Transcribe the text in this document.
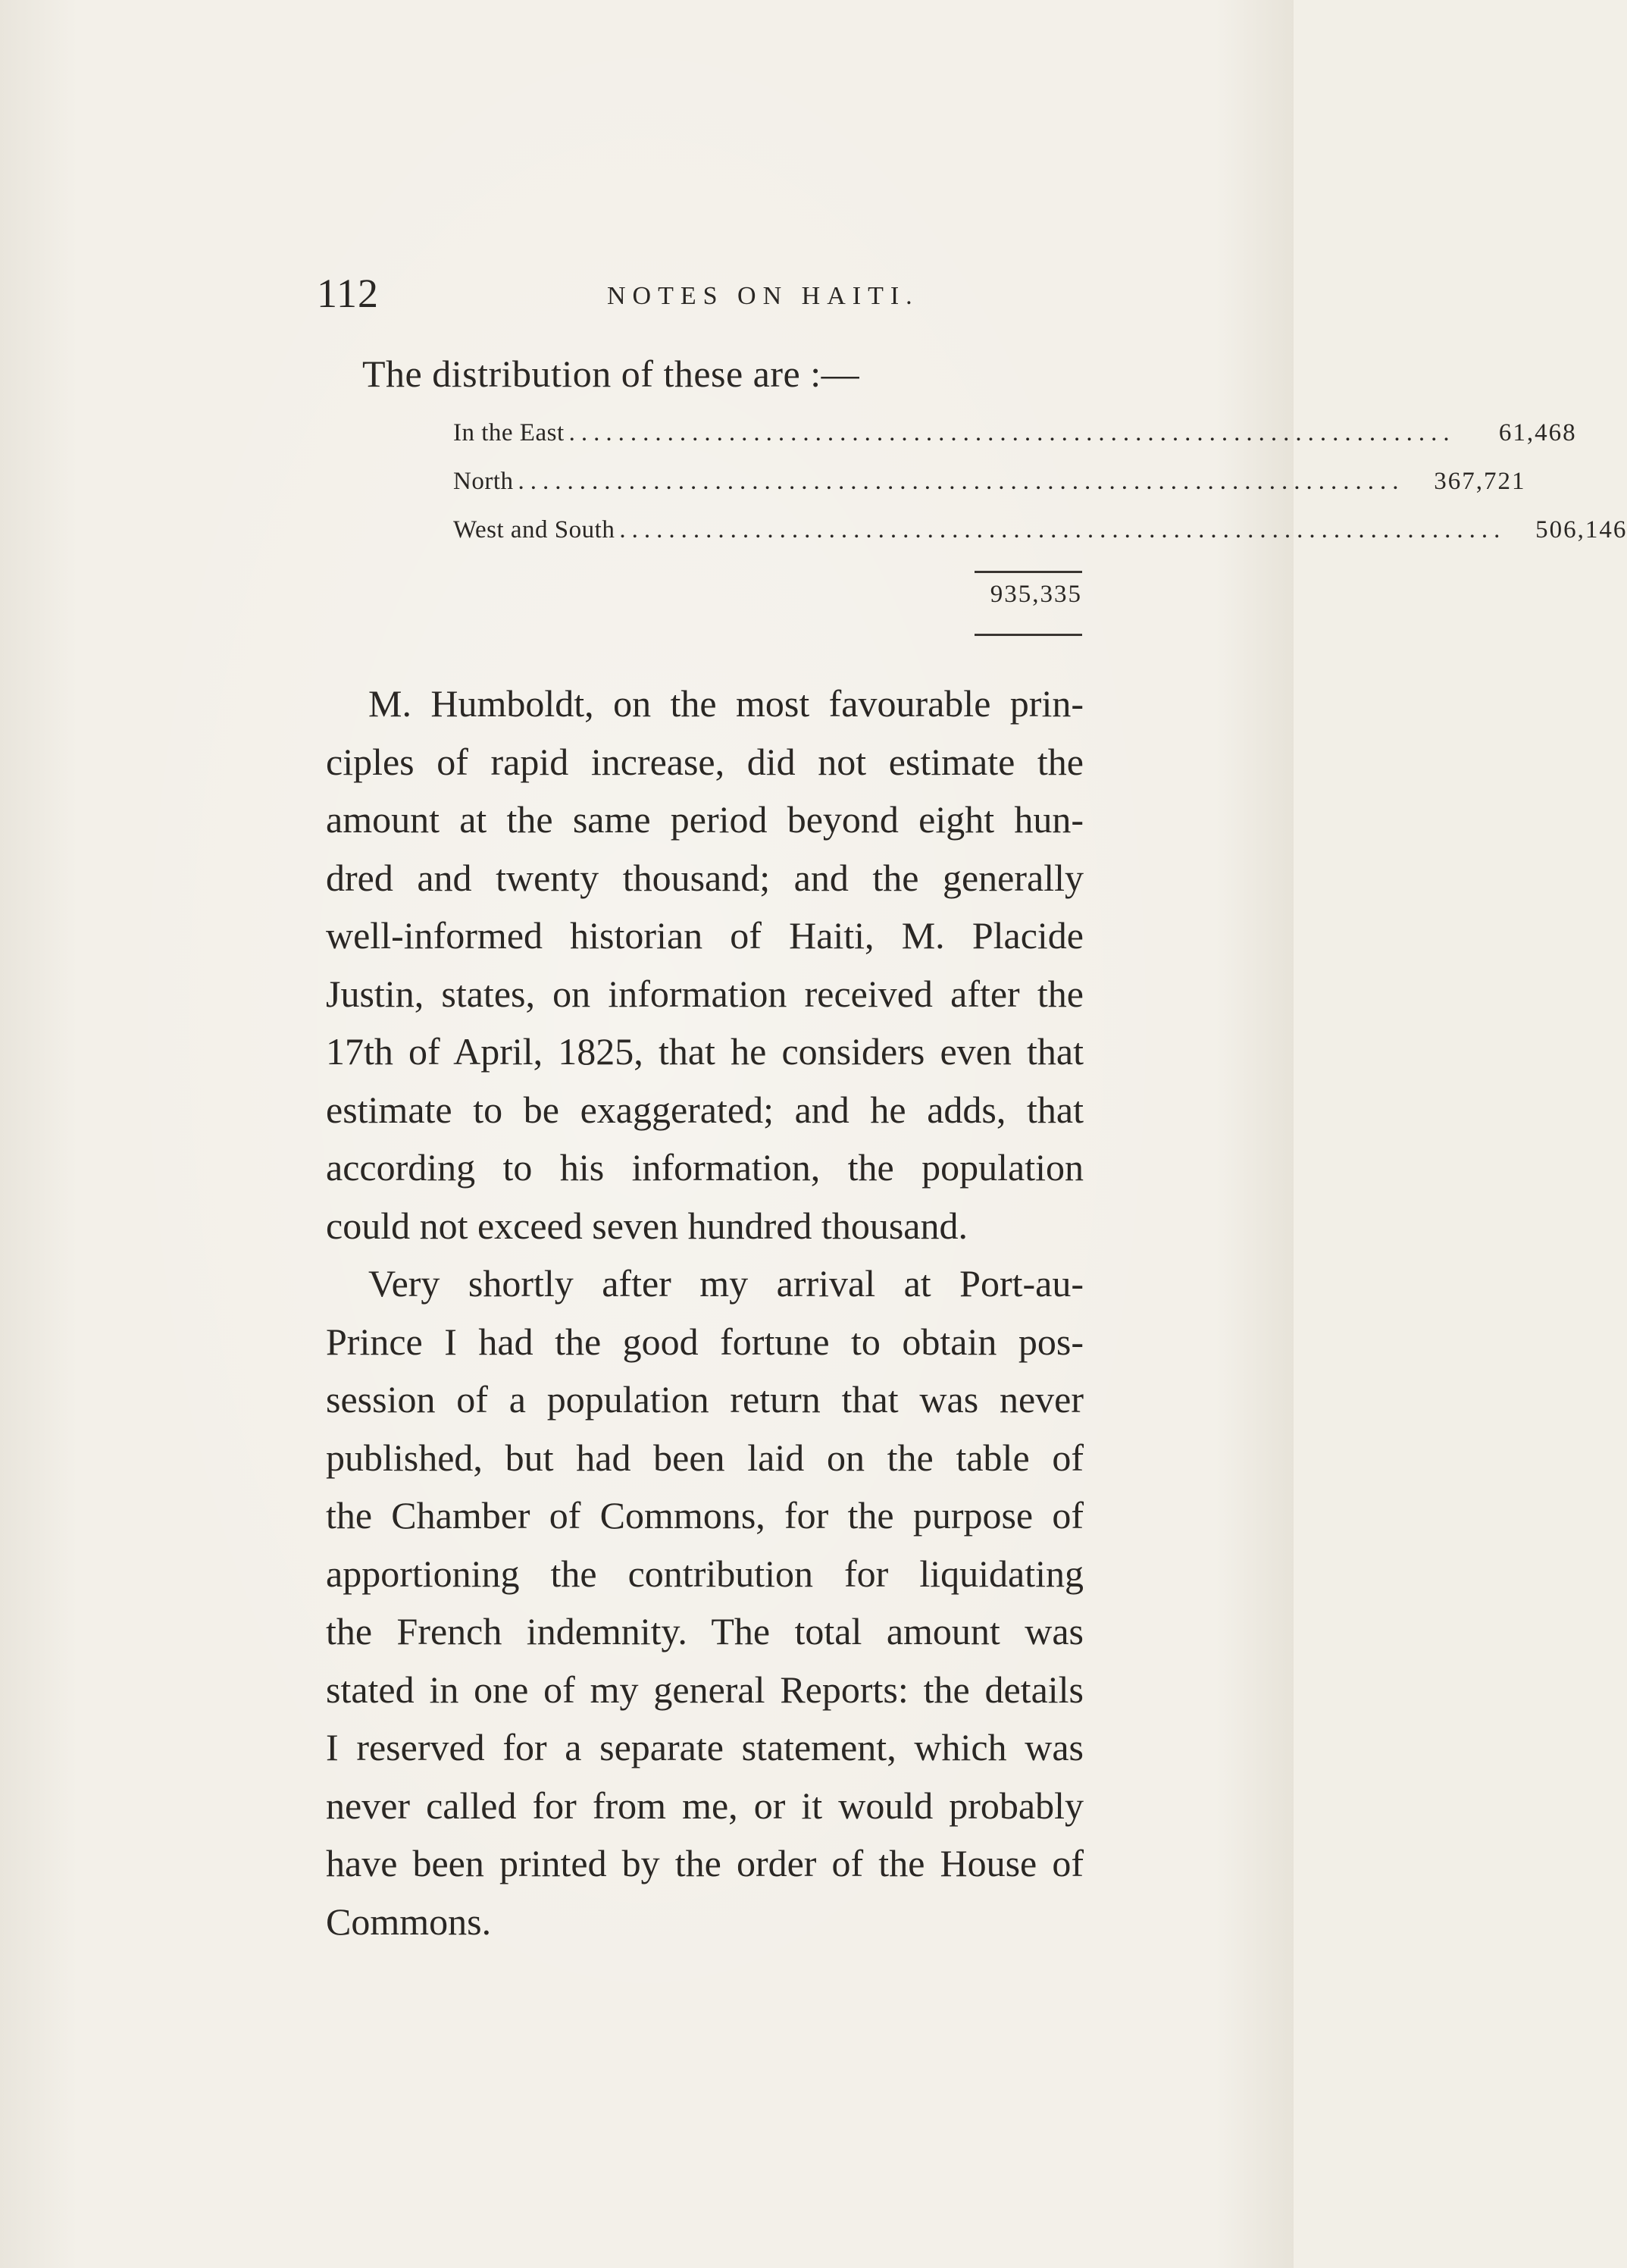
112	NOTES ON HAITI.
The distribution of these are :—
In the East ........................................................................	61,468
North ........................................................................	367,721
West and South ........................................................................	506,146
935,335
M. Humboldt, on the most favourable prin-
ciples of rapid increase, did not estimate the
amount at the same period beyond eight hun-
dred and twenty thousand; and the generally
well-informed historian of Haiti, M. Placide
Justin, states, on information received after the
17th of April, 1825, that he considers even that
estimate to be exaggerated; and he adds, that
according to his information, the population
could not exceed seven hundred thousand.
Very shortly after my arrival at Port-au-
Prince I had the good fortune to obtain pos-
session of a population return that was never
published, but had been laid on the table of
the Chamber of Commons, for the purpose of
apportioning the contribution for liquidating
the French indemnity. The total amount was
stated in one of my general Reports: the details
I reserved for a separate statement, which was
never called for from me, or it would probably
have been printed by the order of the House of
Commons.
